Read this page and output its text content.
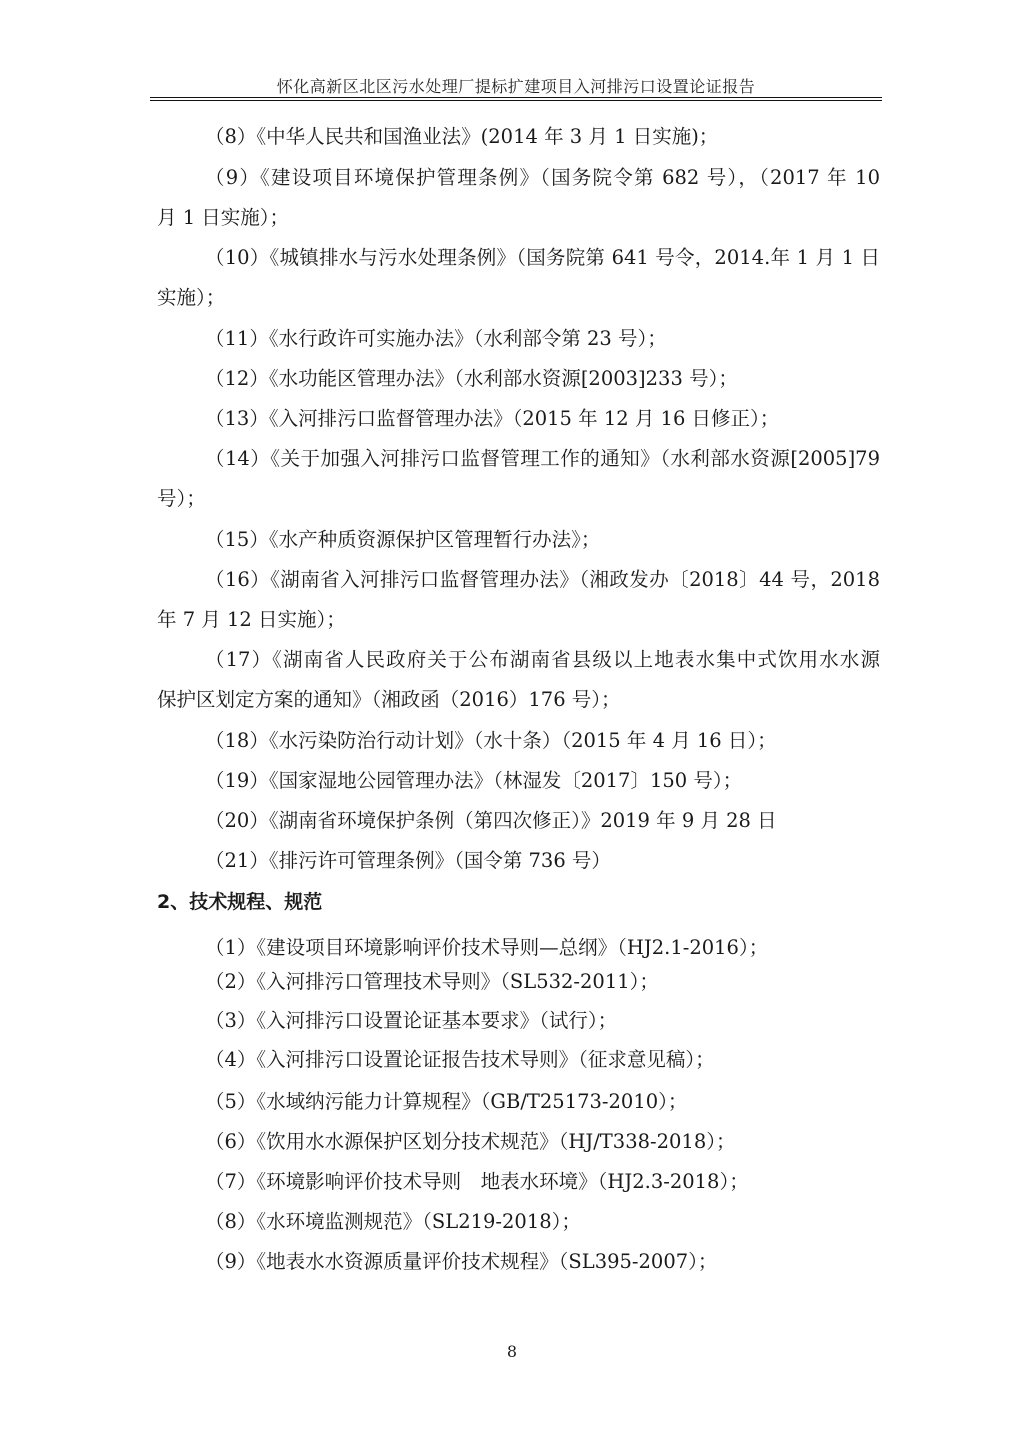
怀化高新区北区污水处理厂提标扩建项目入河排污口设置论证报告
（8）《中华人民共和国渔业法》(2014 年 3 月 1 日实施)；
（9）《建设项目环境保护管理条例》（国务院令第 682 号），（2017 年 10
月 1 日实施）；
（10）《城镇排水与污水处理条例》（国务院第 641 号令，2014.年 1 月 1 日
实施）；
（11）《水行政许可实施办法》（水利部令第 23 号）；
（12）《水功能区管理办法》（水利部水资源[2003]233 号）；
（13）《入河排污口监督管理办法》（2015 年 12 月 16 日修正）；
（14）《关于加强入河排污口监督管理工作的通知》（水利部水资源[2005]79
号）；
（15）《水产种质资源保护区管理暂行办法》；
（16）《湖南省入河排污口监督管理办法》（湘政发办〔2018〕44 号，2018
年 7 月 12 日实施）；
（17）《湖南省人民政府关于公布湖南省县级以上地表水集中式饮用水水源
保护区划定方案的通知》（湘政函（2016）176 号）；
（18）《水污染防治行动计划》（水十条）（2015 年 4 月 16 日）；
（19）《国家湿地公园管理办法》（林湿发〔2017〕150 号）；
（20）《湖南省环境保护条例（第四次修正）》2019 年 9 月 28 日
（21）《排污许可管理条例》（国令第 736 号）
2、技术规程、规范
（1）《建设项目环境影响评价技术导则—总纲》（HJ2.1-2016）；
（2）《入河排污口管理技术导则》（SL532-2011）；
（3）《入河排污口设置论证基本要求》（试行）；
（4）《入河排污口设置论证报告技术导则》（征求意见稿）；
（5）《水域纳污能力计算规程》（GB/T25173-2010）；
（6）《饮用水水源保护区划分技术规范》（HJ/T338-2018）；
（7）《环境影响评价技术导则　地表水环境》（HJ2.3-2018）；
（8）《水环境监测规范》（SL219-2018）；
（9）《地表水水资源质量评价技术规程》（SL395-2007）；
8
